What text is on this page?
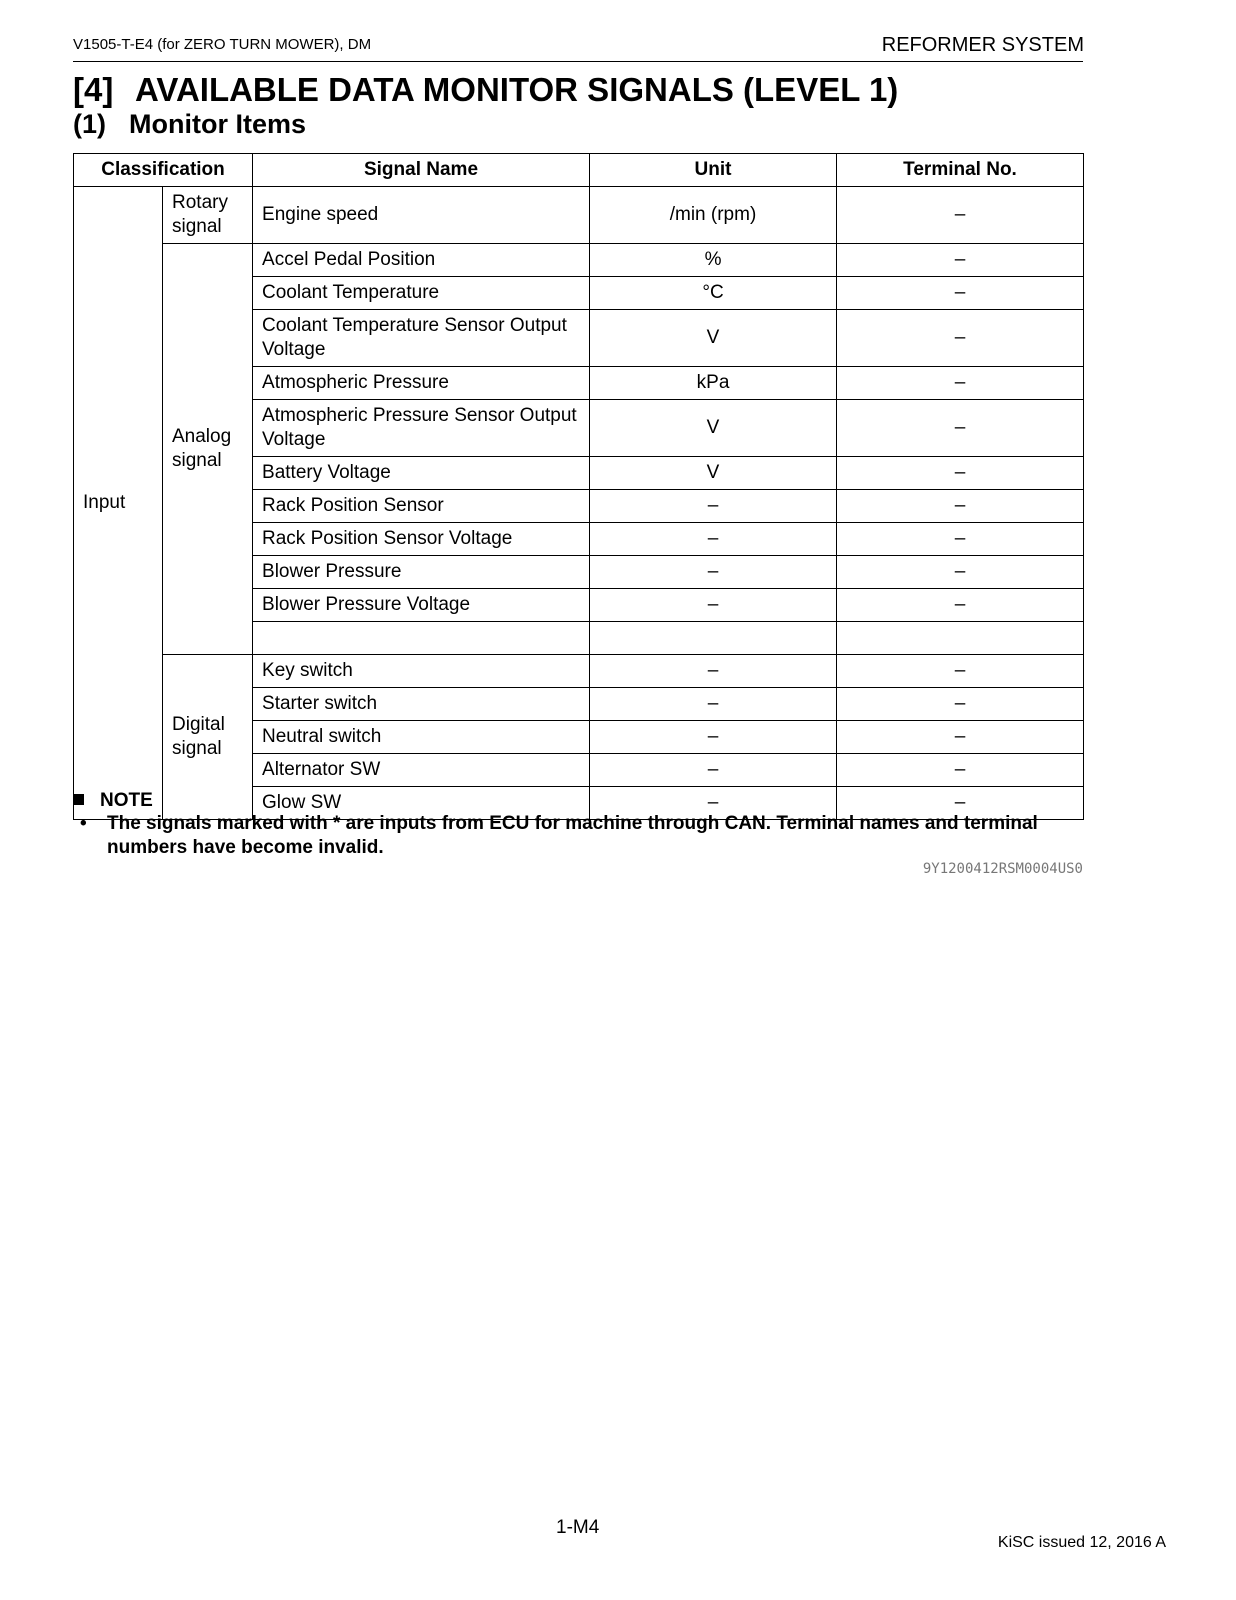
V1505-T-E4 (for ZERO TURN MOWER), DM	REFORMER SYSTEM
[4] AVAILABLE DATA MONITOR SIGNALS (LEVEL 1)
(1) Monitor Items
Classification		Signal Name	Unit	Terminal No.
Input	Rotary signal	Engine speed	/min (rpm)	–
	Analog signal	Accel Pedal Position	%	–
		Coolant Temperature	°C	–
		Coolant Temperature Sensor Output Voltage	V	–
		Atmospheric Pressure	kPa	–
		Atmospheric Pressure Sensor Output Voltage	V	–
		Battery Voltage	V	–
		Rack Position Sensor	–	–
		Rack Position Sensor Voltage	–	–
		Blower Pressure	–	–
		Blower Pressure Voltage	–	–

	Digital signal	Key switch	–	–
		Starter switch	–	–
		Neutral switch	–	–
		Alternator SW	–	–
		Glow SW	–	–
NOTE
• The signals marked with * are inputs from ECU for machine through CAN. Terminal names and terminal numbers have become invalid.
9Y1200412RSM0004US0
1-M4
KiSC issued 12, 2016 A
